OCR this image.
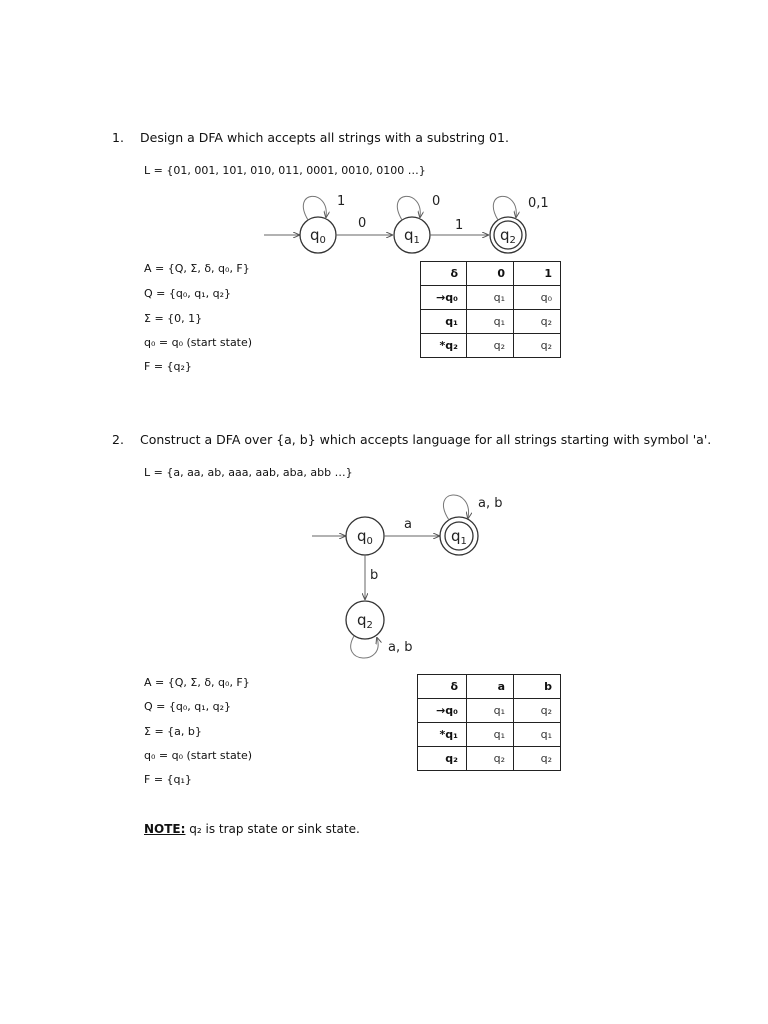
1. Design a DFA which accepts all strings with a substring 01.
L = {01, 001, 101, 010, 011, 0001, 0010, 0100 …}
$q_0$
1
0
$q_1$
0
1
$q_2$
0,1
A = {Q, Σ, δ, q₀, F}
Q = {q₀, q₁, q₂}
Σ = {0, 1}
q₀ = q₀ (start state)
F = {q₂}
δ	0	1
→q₀	q₁	q₀
q₁	q₁	q₂
*q₂	q₂	q₂
2. Construct a DFA over {a, b} which accepts language for all strings starting with symbol 'a'.
L = {a, aa, ab, aaa, aab, aba, abb …}
$q_0$
a
$q_1$
a, b
b
$q_2$
a, b
A = {Q, Σ, δ, q₀, F}
Q = {q₀, q₁, q₂}
Σ = {a, b}
q₀ = q₀ (start state)
F = {q₁}
δ	a	b
→q₀	q₁	q₂
*q₁	q₁	q₁
q₂	q₂	q₂
NOTE: q₂ is trap state or sink state.
